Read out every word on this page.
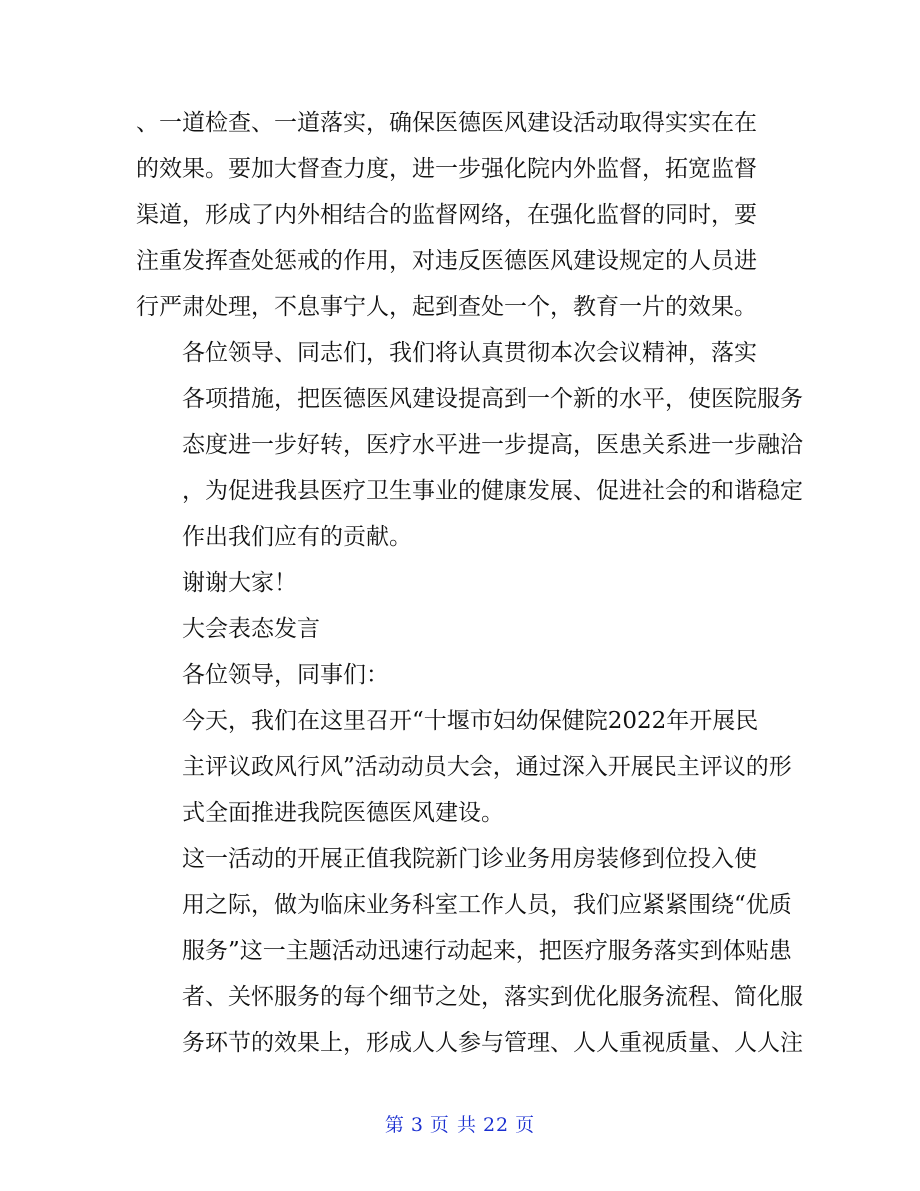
、一道检查、一道落实，确保医德医风建设活动取得实实在在
的效果。要加大督查力度，进一步强化院内外监督，拓宽监督
渠道，形成了内外相结合的监督网络，在强化监督的同时，要
注重发挥查处惩戒的作用，对违反医德医风建设规定的人员进
行严肃处理，不息事宁人，起到查处一个，教育一片的效果。

各位领导、同志们，我们将认真贯彻本次会议精神，落实
各项措施，把医德医风建设提高到一个新的水平，使医院服务
态度进一步好转，医疗水平进一步提高，医患关系进一步融洽
，为促进我县医疗卫生事业的健康发展、促进社会的和谐稳定
作出我们应有的贡献。

谢谢大家！

大会表态发言

各位领导，同事们：

今天，我们在这里召开“十堰市妇幼保健院2022年开展民
主评议政风行风”活动动员大会，通过深入开展民主评议的形
式全面推进我院医德医风建设。

这一活动的开展正值我院新门诊业务用房装修到位投入使
用之际，做为临床业务科室工作人员，我们应紧紧围绕“优质
服务”这一主题活动迅速行动起来，把医疗服务落实到体贴患
者、关怀服务的每个细节之处，落实到优化服务流程、简化服
务环节的效果上，形成人人参与管理、人人重视质量、人人注

第 3 页 共 22 页
